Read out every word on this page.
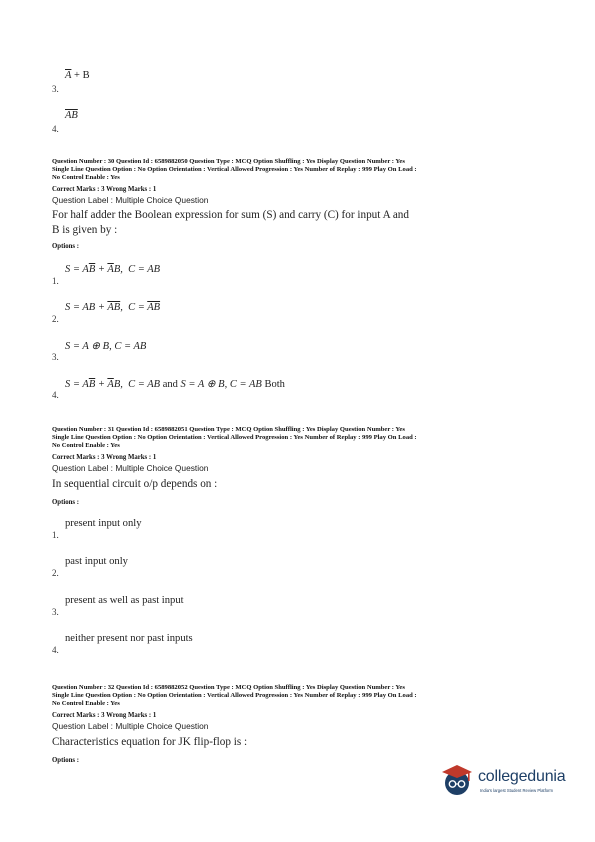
3.
$\overline{A} + B$
4.
$\overline{AB}$
Question Number : 30 Question Id : 6589882050 Question Type : MCQ Option Shuffling : Yes Display Question Number : Yes
Single Line Question Option : No Option Orientation : Vertical Allowed Progression : Yes Number of Replay : 999 Play On Load :
No Control Enable : Yes
Correct Marks : 3 Wrong Marks : 1
Question Label : Multiple Choice Question
For half adder the Boolean expression for sum (S) and carry (C) for input A and
B is given by :
Options :
1.
$S = A\overline{B} + \overline{A}B$,  C = AB
2.
S = AB + $\overline{AB}$,  $C = \overline{AB}$
3.
S = A ⊕ B, C = AB
4.
$S = A\overline{B} + \overline{A}B$,  C = AB and S = A ⊕ B, C = AB Both
Question Number : 31 Question Id : 6589882051 Question Type : MCQ Option Shuffling : Yes Display Question Number : Yes
Single Line Question Option : No Option Orientation : Vertical Allowed Progression : Yes Number of Replay : 999 Play On Load :
No Control Enable : Yes
Correct Marks : 3 Wrong Marks : 1
Question Label : Multiple Choice Question
In sequential circuit o/p depends on :
Options :
1.
present input only
2.
past input only
3.
present as well as past input
4.
neither present nor past inputs
Question Number : 32 Question Id : 6589882052 Question Type : MCQ Option Shuffling : Yes Display Question Number : Yes
Single Line Question Option : No Option Orientation : Vertical Allowed Progression : Yes Number of Replay : 999 Play On Load :
No Control Enable : Yes
Correct Marks : 3 Wrong Marks : 1
Question Label : Multiple Choice Question
Characteristics equation for JK flip-flop is :
Options :
collegedunia
India's largest Student Review Platform
